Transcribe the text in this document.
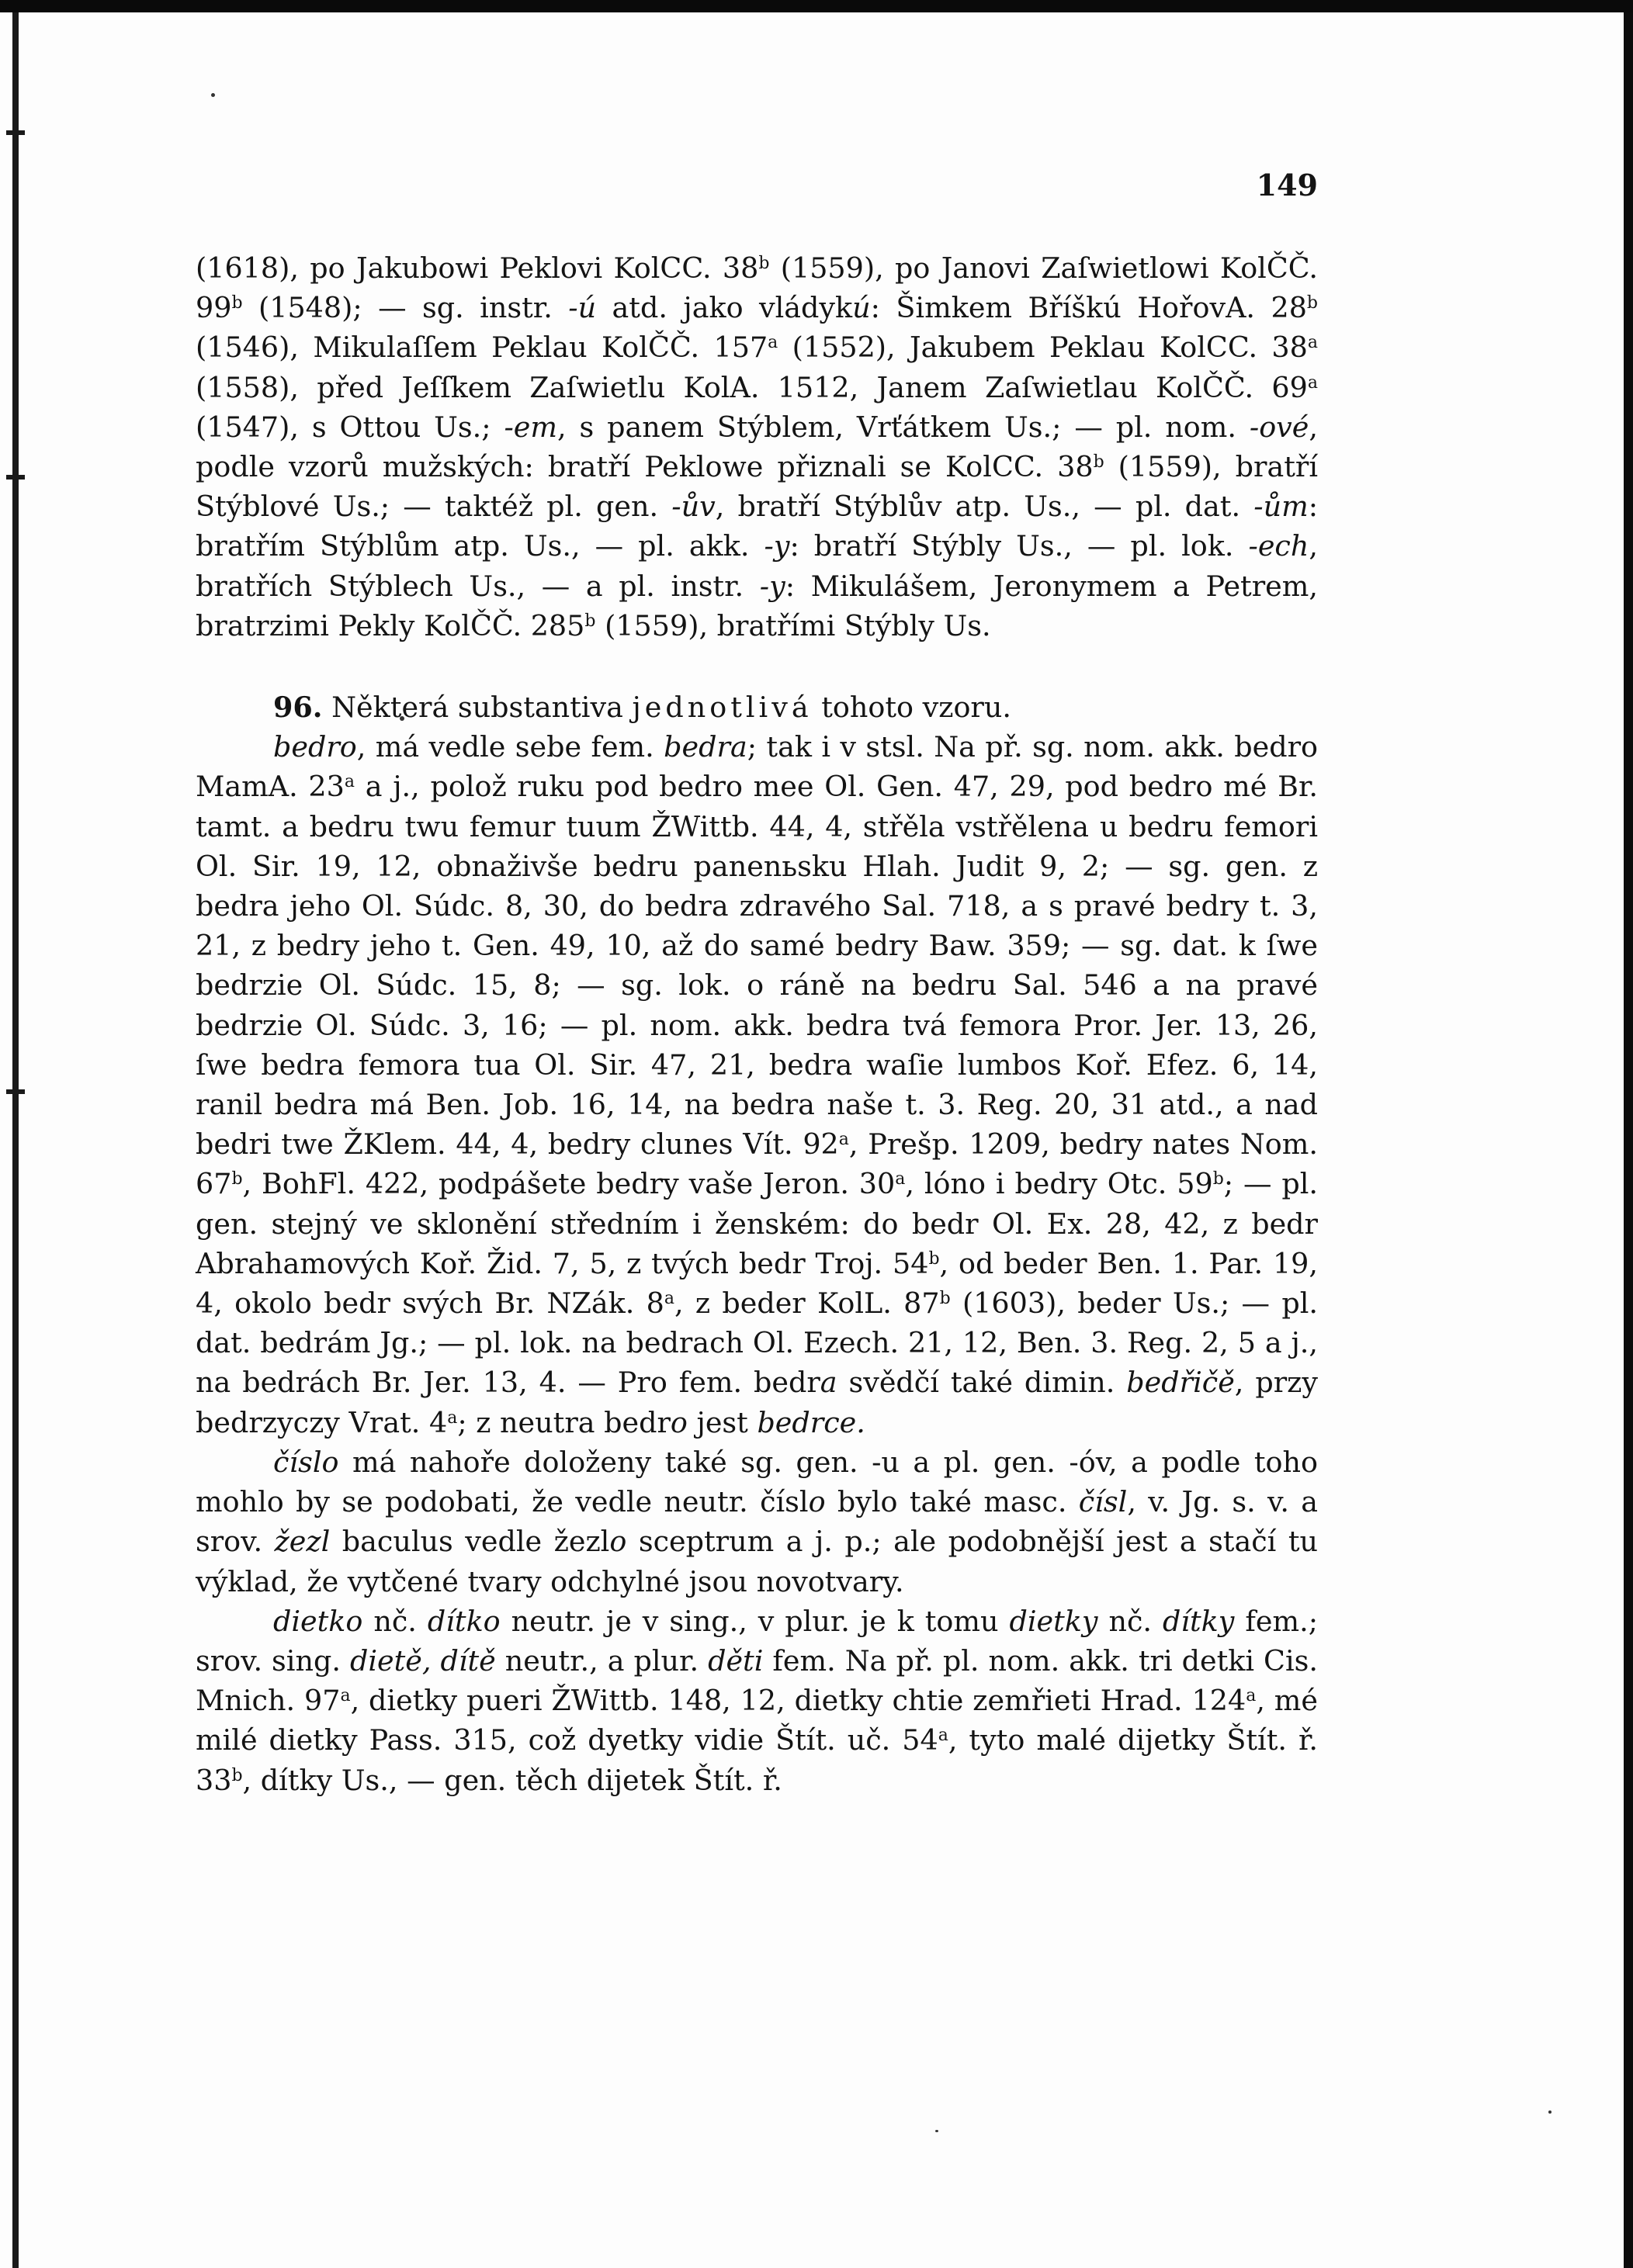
149

(1618), po Jakubowi Peklovi KolCC. 38$^b$ (1559), po Janovi Zaſwietlowi KolČČ. 99$^b$ (1548); — sg. instr. -ú atd. jako vládykú: Šimkem Bříškú HořovA. 28$^b$ (1546), Mikulaſſem Peklau KolČČ. 157$^a$ (1552), Jakubem Peklau KolCC. 38$^a$ (1558), před Jeſſkem Zaſwietlu KolA. 1512, Janem Zaſwietlau KolČČ. 69$^a$ (1547), s Ottou Us.; -em, s panem Stýblem, Vrťátkem Us.; — pl. nom. -ové, podle vzorů mužských: bratří Peklowe přiznali se KolCC. 38$^b$ (1559), bratří Stýblové Us.; — taktéž pl. gen. -ův, bratří Stýblův atp. Us., — pl. dat. -ům: bratřím Stýblům atp. Us., — pl. akk. -y: bratří Stýbly Us., — pl. lok. -ech, bratřích Stýblech Us., — a pl. instr. -y: Mikulášem, Jeronymem a Petrem, bratrzimi Pekly KolČČ. 285$^b$ (1559), bratřími Stýbly Us.

96. Některá substantiva jednotlivá tohoto vzoru.

bedro, má vedle sebe fem. bedra; tak i v stsl. Na př. sg. nom. akk. bedro MamA. 23$^a$ a j., polož ruku pod bedro mee Ol. Gen. 47, 29, pod bedro mé Br. tamt. a bedru twu femur tuum ŽWittb. 44, 4, střěla vstřělena u bedru femori Ol. Sir. 19, 12, obnaživše bedru panenьsku Hlah. Judit 9, 2; — sg. gen. z bedra jeho Ol. Súdc. 8, 30, do bedra zdravého Sal. 718, a s pravé bedry t. 3, 21, z bedry jeho t. Gen. 49, 10, až do samé bedry Baw. 359; — sg. dat. k ſwe bedrzie Ol. Súdc. 15, 8; — sg. lok. o ráně na bedru Sal. 546 a na pravé bedrzie Ol. Súdc. 3, 16; — pl. nom. akk. bedra tvá femora Pror. Jer. 13, 26, ſwe bedra femora tua Ol. Sir. 47, 21, bedra waſie lumbos Koř. Efez. 6, 14, ranil bedra má Ben. Job. 16, 14, na bedra naše t. 3. Reg. 20, 31 atd., a nad bedri twe ŽKlem. 44, 4, bedry clunes Vít. 92$^a$, Prešp. 1209, bedry nates Nom. 67$^b$, BohFl. 422, podpášete bedry vaše Jeron. 30$^a$, lóno i bedry Otc. 59$^b$; — pl. gen. stejný ve sklonění středním i ženském: do bedr Ol. Ex. 28, 42, z bedr Abrahamových Koř. Žid. 7, 5, z tvých bedr Troj. 54$^b$, od beder Ben. 1. Par. 19, 4, okolo bedr svých Br. NZák. 8$^a$, z beder KolL. 87$^b$ (1603), beder Us.; — pl. dat. bedrám Jg.; — pl. lok. na bedrach Ol. Ezech. 21, 12, Ben. 3. Reg. 2, 5 a j., na bedrách Br. Jer. 13, 4. — Pro fem. bedra svědčí také dimin. bedřičě, przy bedrzyczy Vrat. 4$^a$; z neutra bedro jest bedrce.

číslo má nahoře doloženy také sg. gen. -u a pl. gen. -óv, a podle toho mohlo by se podobati, že vedle neutr. číslo bylo také masc. čísl, v. Jg. s. v. a srov. žezl baculus vedle žezlo sceptrum a j. p.; ale podobnější jest a stačí tu výklad, že vytčené tvary odchylné jsou novotvary.

dietko nč. dítko neutr. je v sing., v plur. je k tomu dietky nč. dítky fem.; srov. sing. dietě, dítě neutr., a plur. děti fem. Na př. pl. nom. akk. tri detki Cis. Mnich. 97$^a$, dietky pueri ŽWittb. 148, 12, dietky chtie zemřieti Hrad. 124$^a$, mé milé dietky Pass. 315, což dyetky vidie Štít. uč. 54$^a$, tyto malé dijetky Štít. ř. 33$^b$, dítky Us., — gen. těch dijetek Štít. ř.
